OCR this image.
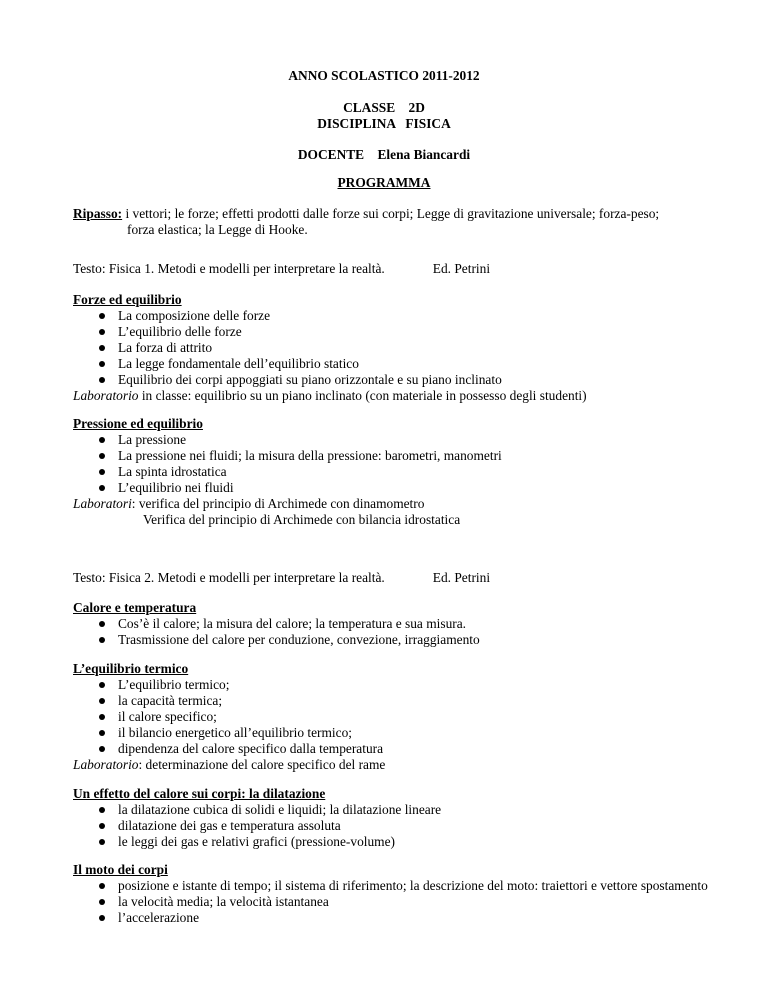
ANNO SCOLASTICO 2011-2012
CLASSE    2D
DISCIPLINA   FISICA
DOCENTE    Elena Biancardi
PROGRAMMA
Ripasso: i vettori; le forze; effetti prodotti dalle forze sui corpi; Legge di gravitazione universale; forza-peso;
forza elastica; la Legge di Hooke.
Testo: Fisica 1. Metodi e modelli per interpretare la realtà.	Ed. Petrini
Forze ed equilibrio
La composizione delle forze
L’equilibrio delle forze
La forza di attrito
La legge fondamentale dell’equilibrio statico
Equilibrio dei corpi appoggiati su piano orizzontale e su piano inclinato
Laboratorio in classe: equilibrio su un piano inclinato (con materiale in possesso degli studenti)
Pressione ed equilibrio
La pressione
La pressione nei fluidi; la misura della pressione: barometri, manometri
La spinta idrostatica
L’equilibrio nei fluidi
Laboratori: verifica del principio di Archimede con dinamometro
Verifica del principio di Archimede con bilancia idrostatica
Testo: Fisica 2. Metodi e modelli per interpretare la realtà.	Ed. Petrini
Calore e temperatura
Cos’è il calore; la misura del calore; la temperatura e sua misura.
Trasmissione del calore per conduzione, convezione, irraggiamento
L’equilibrio termico
L’equilibrio termico;
la capacità termica;
il calore specifico;
il bilancio energetico all’equilibrio termico;
dipendenza del calore specifico dalla temperatura
Laboratorio: determinazione del calore specifico del rame
Un effetto del calore sui corpi: la dilatazione
la dilatazione cubica di solidi e liquidi; la dilatazione lineare
dilatazione dei gas e temperatura assoluta
le leggi dei gas e relativi grafici (pressione-volume)
Il moto dei corpi
posizione e istante di tempo; il sistema di riferimento; la descrizione del moto: traiettori e vettore spostamento
la velocità media; la velocità istantanea
l’accelerazione
